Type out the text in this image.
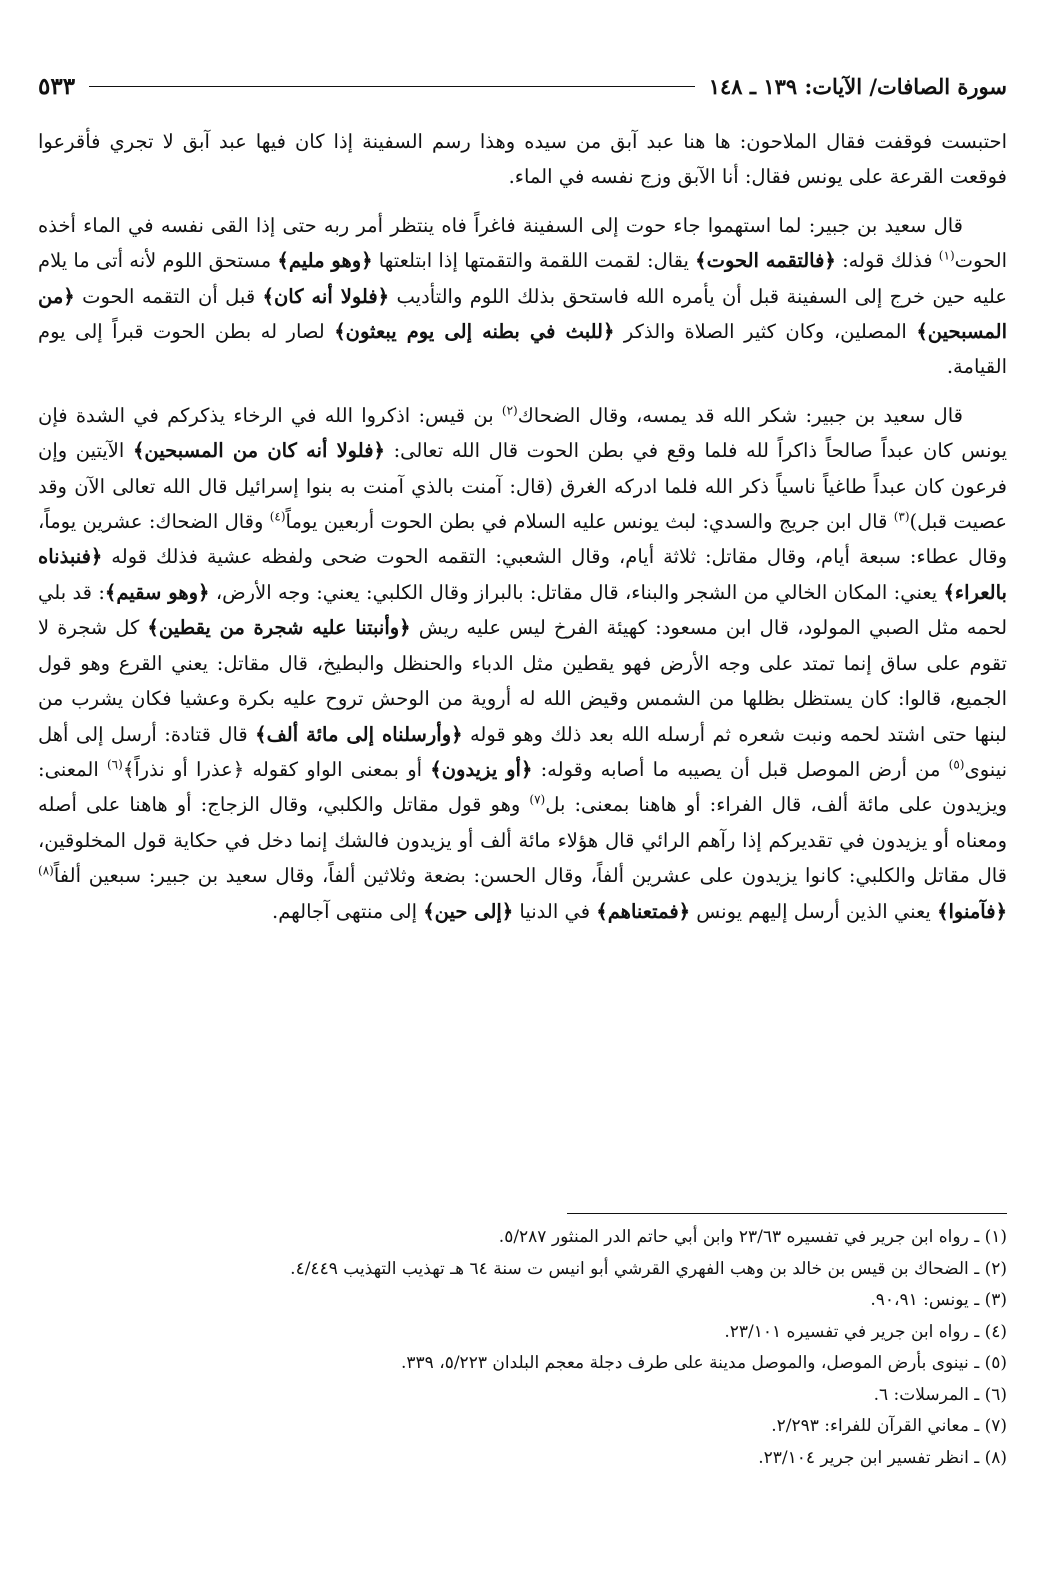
سورة الصافات/ الآيات: ١٣٩ ـ ١٤٨
٥٣٣

احتبست فوقفت فقال الملاحون: ها هنا عبد آبق من سيده وهذا رسم السفينة إذا كان فيها عبد آبق لا تجري فأقرعوا فوقعت القرعة على يونس فقال: أنا الآبق وزج نفسه في الماء.

قال سعيد بن جبير: لما استهموا جاء حوت إلى السفينة فاغراً فاه ينتظر أمر ربه حتى إذا القى نفسه في الماء أخذه الحوت$^{(١)}$ فذلك قوله: ﴿فالتقمه الحوت﴾ يقال: لقمت اللقمة والتقمتها إذا ابتلعتها ﴿وهو مليم﴾ مستحق اللوم لأنه أتى ما يلام عليه حين خرج إلى السفينة قبل أن يأمره الله فاستحق بذلك اللوم والتأديب ﴿فلولا أنه كان﴾ قبل أن التقمه الحوت ﴿من المسبحين﴾ المصلين، وكان كثير الصلاة والذكر ﴿للبث في بطنه إلى يوم يبعثون﴾ لصار له بطن الحوت قبراً إلى يوم القيامة.

قال سعيد بن جبير: شكر الله قد يمسه، وقال الضحاك$^{(٢)}$ بن قيس: اذكروا الله في الرخاء يذكركم في الشدة فإن يونس كان عبداً صالحاً ذاكراً لله فلما وقع في بطن الحوت قال الله تعالى: ﴿فلولا أنه كان من المسبحين﴾ الآيتين وإن فرعون كان عبداً طاغياً ناسياً ذكر الله فلما ادركه الغرق (قال: آمنت بالذي آمنت به بنوا إسرائيل قال الله تعالى الآن وقد عصيت قبل)$^{(٣)}$ قال ابن جريج والسدي: لبث يونس عليه السلام في بطن الحوت أربعين يوماً$^{(٤)}$ وقال الضحاك: عشرين يوماً، وقال عطاء: سبعة أيام، وقال مقاتل: ثلاثة أيام، وقال الشعبي: التقمه الحوت ضحى ولفظه عشية فذلك قوله ﴿فنبذناه بالعراء﴾ يعني: المكان الخالي من الشجر والبناء، قال مقاتل: بالبراز وقال الكلبي: يعني: وجه الأرض، ﴿وهو سقيم﴾: قد بلي لحمه مثل الصبي المولود، قال ابن مسعود: كهيئة الفرخ ليس عليه ريش ﴿وأنبتنا عليه شجرة من يقطين﴾ كل شجرة لا تقوم على ساق إنما تمتد على وجه الأرض فهو يقطين مثل الدباء والحنظل والبطيخ، قال مقاتل: يعني القرع وهو قول الجميع، قالوا: كان يستظل بظلها من الشمس وقيض الله له أروية من الوحش تروح عليه بكرة وعشيا فكان يشرب من لبنها حتى اشتد لحمه ونبت شعره ثم أرسله الله بعد ذلك وهو قوله ﴿وأرسلناه إلى مائة ألف﴾ قال قتادة: أرسل إلى أهل نينوى$^{(٥)}$ من أرض الموصل قبل أن يصيبه ما أصابه وقوله: ﴿أو يزيدون﴾ أو بمعنى الواو كقوله ﴿عذرا أو نذراً﴾$^{(٦)}$ المعنى: ويزيدون على مائة ألف، قال الفراء: أو هاهنا بمعنى: بل$^{(٧)}$ وهو قول مقاتل والكلبي، وقال الزجاج: أو هاهنا على أصله ومعناه أو يزيدون في تقديركم إذا رآهم الرائي قال هؤلاء مائة ألف أو يزيدون فالشك إنما دخل في حكاية قول المخلوقين، قال مقاتل والكلبي: كانوا يزيدون على عشرين ألفاً، وقال الحسن: بضعة وثلاثين ألفاً، وقال سعيد بن جبير: سبعين ألفاً$^{(٨)}$ ﴿فآمنوا﴾ يعني الذين أرسل إليهم يونس ﴿فمتعناهم﴾ في الدنيا ﴿إلى حين﴾ إلى منتهى آجالهم.

(١) ـ رواه ابن جرير في تفسيره ٢٣/٦٣ وابن أبي حاتم الدر المنثور ٥/٢٨٧.
(٢) ـ الضحاك بن قيس بن خالد بن وهب الفهري القرشي أبو انيس ت سنة ٦٤ هـ تهذيب التهذيب ٤/٤٤٩.
(٣) ـ يونس: ٩٠،٩١.
(٤) ـ رواه ابن جرير في تفسيره ٢٣/١٠١.
(٥) ـ نينوى بأرض الموصل، والموصل مدينة على طرف دجلة معجم البلدان ٥/٢٢٣، ٣٣٩.
(٦) ـ المرسلات: ٦.
(٧) ـ معاني القرآن للفراء: ٢/٢٩٣.
(٨) ـ انظر تفسير ابن جرير ٢٣/١٠٤.
